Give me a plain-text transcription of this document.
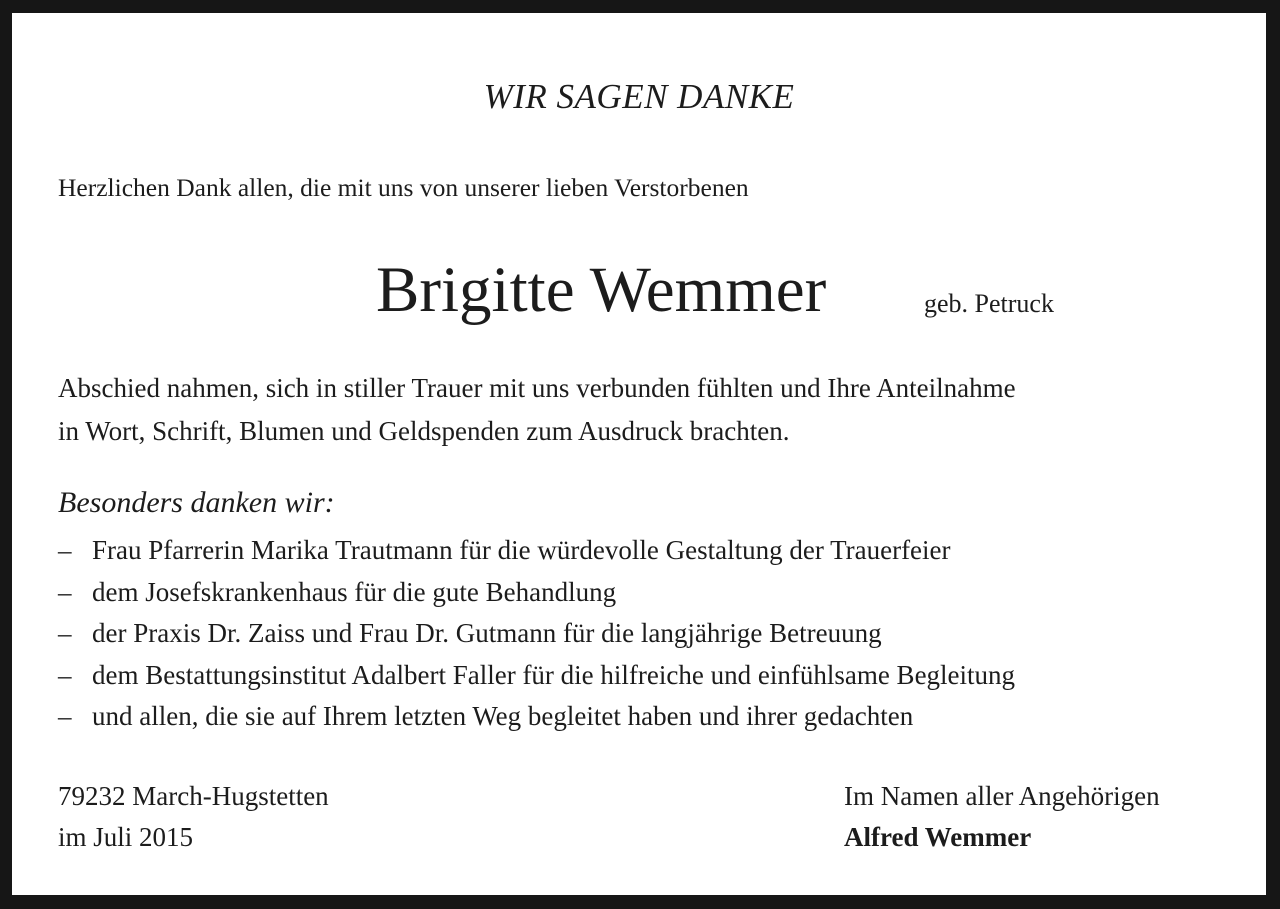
WIR SAGEN DANKE
Herzlichen Dank allen, die mit uns von unserer lieben Verstorbenen
Brigitte Wemmer	geb. Petruck
Abschied nahmen, sich in stiller Trauer mit uns verbunden fühlten und Ihre Anteilnahme
in Wort, Schrift, Blumen und Geldspenden zum Ausdruck brachten.
Besonders danken wir:
– Frau Pfarrerin Marika Trautmann für die würdevolle Gestaltung der Trauerfeier
– dem Josefskrankenhaus für die gute Behandlung
– der Praxis Dr. Zaiss und Frau Dr. Gutmann für die langjährige Betreuung
– dem Bestattungsinstitut Adalbert Faller für die hilfreiche und einfühlsame Begleitung
– und allen, die sie auf Ihrem letzten Weg begleitet haben und ihrer gedachten
79232 March-Hugstetten
im Juli 2015
Im Namen aller Angehörigen
Alfred Wemmer
